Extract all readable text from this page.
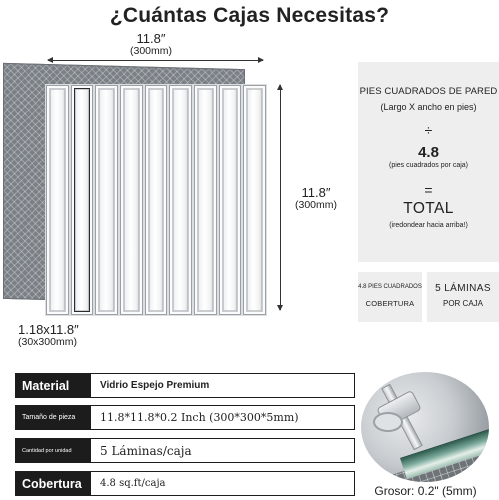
¿Cuántas Cajas Necesitas?
11.8″
(300mm)
11.8″
(300mm)
1.18x11.8″
(30x300mm)
PIES CUADRADOS DE PARED
(Largo X ancho en pies)
÷
4.8
(pies cuadrados por caja)
=
TOTAL
(iredondear hacia arriba!)
4.8 PIES CUADRADOS
COBERTURA
5 LÁMINAS
POR CAJA
Material	Vidrio Espejo Premium
Tamaño de pieza	11.8*11.8*0.2 Inch (300*300*5mm)
Cantidad por unidad	5 Láminas/caja
Cobertura	4.8 sq.ft/caja
Grosor: 0.2" (5mm)
